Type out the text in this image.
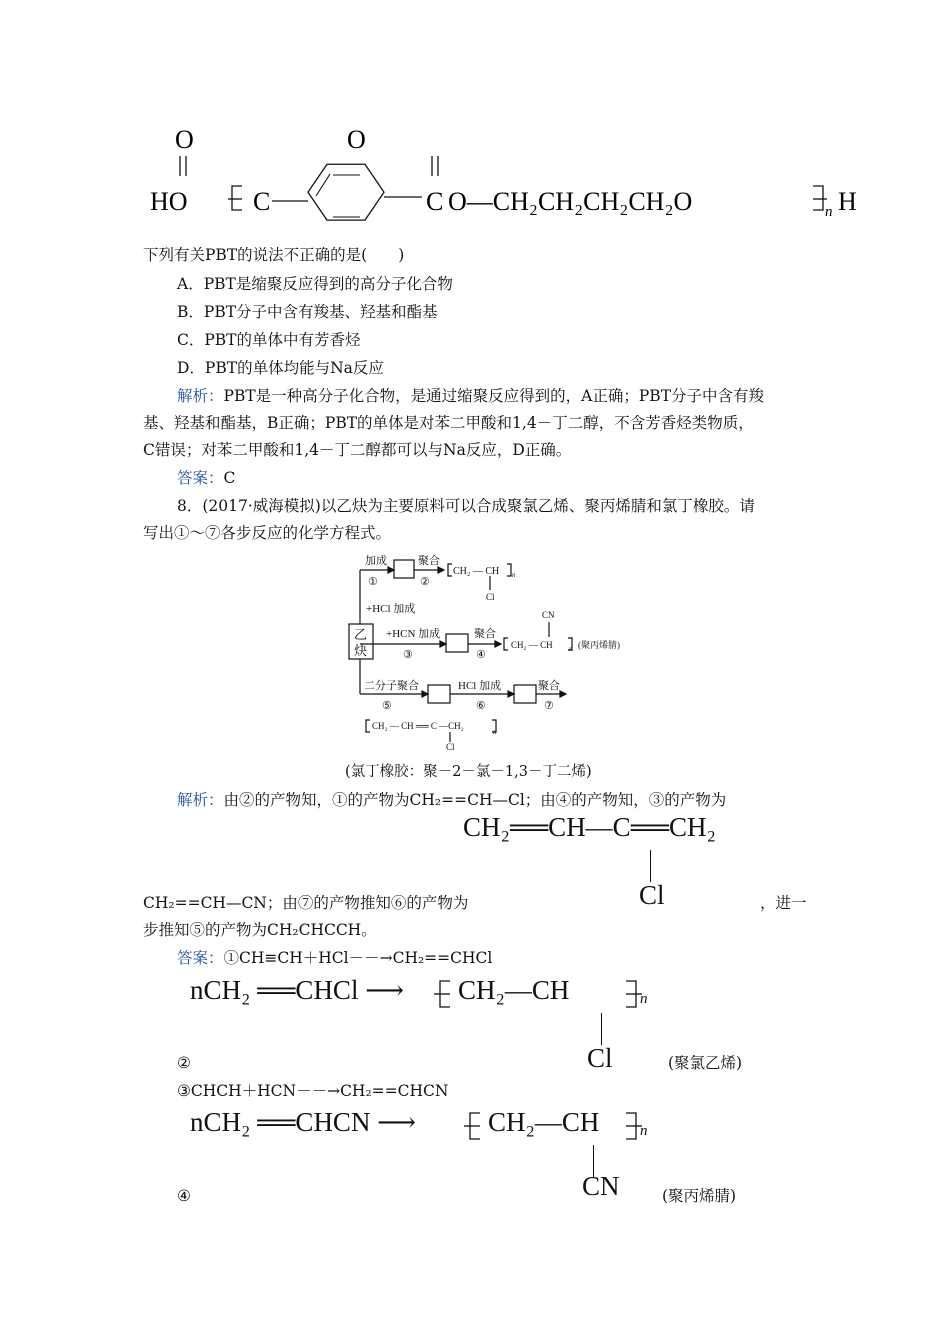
O	O
HO	C	C O—CH₂CH₂CH₂CH₂O	n H
下列有关PBT的说法不正确的是(　　)
A．PBT是缩聚反应得到的高分子化合物
B．PBT分子中含有羧基、羟基和酯基
C．PBT的单体中有芳香烃
D．PBT的单体均能与Na反应
解析：PBT是一种高分子化合物，是通过缩聚反应得到的，A正确；PBT分子中含有羧
基、羟基和酯基，B正确；PBT的单体是对苯二甲酸和1,4－丁二醇，不含芳香烃类物质，
C错误；对苯二甲酸和1,4－丁二醇都可以与Na反应，D正确。
答案：C
8．(2017·威海模拟)以乙炔为主要原料可以合成聚氯乙烯、聚丙烯腈和氯丁橡胶。请
写出①～⑦各步反应的化学方程式。
加成
①
聚合
②
CH₂ — CH n
Cl
+HCl 加成
乙
炔
+HCN 加成
③
聚合
④
CH₂ — CH n (聚丙烯腈)
CN
二分子聚合
⑤
HCl 加成
⑥
聚合
⑦
CH₂ — CH ══ C —CH₂
n
Cl
(氯丁橡胶：聚－2－氯－1,3－丁二烯)
解析：由②的产物知，①的产物为CH₂==CH—Cl；由④的产物知，③的产物为
CH₂══CH—C══CH₂
Cl
CH₂==CH—CN；由⑦的产物推知⑥的产物为	，进一
步推知⑤的产物为CH₂CHCCH。
答案：①CH≡CH＋HCl－－→CH₂==CHCl
nCH₂ ══CHCl ⟶ CH₂—CH	n
Cl
②	(聚氯乙烯)
③CHCH＋HCN－－→CH₂==CHCN
nCH₂ ══CHCN ⟶	CH₂—CH	n
CN
④	(聚丙烯腈)
